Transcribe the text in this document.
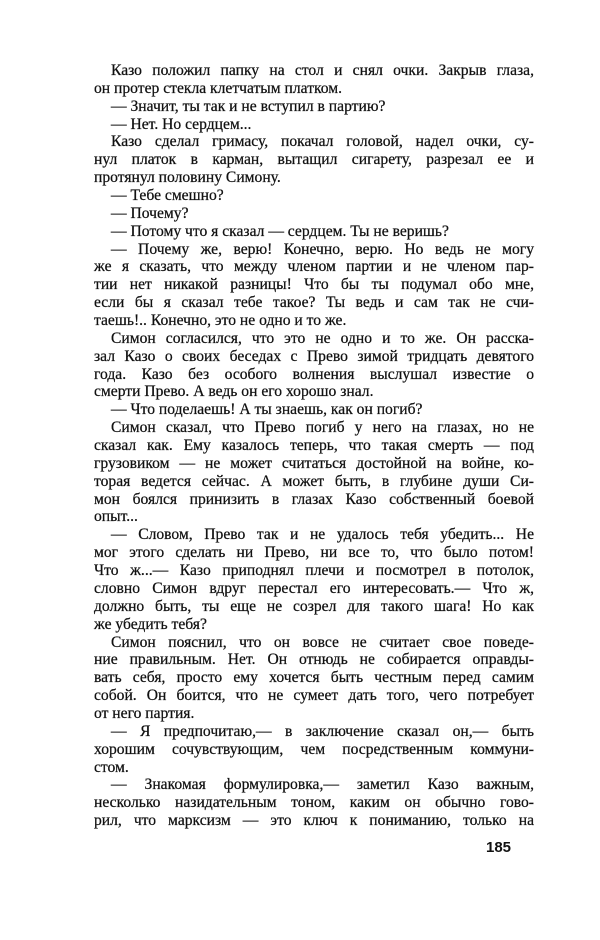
Казо положил папку на стол и снял очки. Закрыв глаза,
он протер стекла клетчатым платком.
— Значит, ты так и не вступил в партию?
— Нет. Но сердцем...
Казо сделал гримасу, покачал головой, надел очки, су-
нул платок в карман, вытащил сигарету, разрезал ее и
протянул половину Симону.
— Тебе смешно?
— Почему?
— Потому что я сказал — сердцем. Ты не веришь?
— Почему же, верю! Конечно, верю. Но ведь не могу
же я сказать, что между членом партии и не членом пар-
тии нет никакой разницы! Что бы ты подумал обо мне,
если бы я сказал тебе такое? Ты ведь и сам так не счи-
таешь!.. Конечно, это не одно и то же.
Симон согласился, что это не одно и то же. Он расска-
зал Казо о своих беседах с Прево зимой тридцать девятого
года. Казо без особого волнения выслушал известие о
смерти Прево. А ведь он его хорошо знал.
— Что поделаешь! А ты знаешь, как он погиб?
Симон сказал, что Прево погиб у него на глазах, но не
сказал как. Ему казалось теперь, что такая смерть — под
грузовиком — не может считаться достойной на войне, ко-
торая ведется сейчас. А может быть, в глубине души Си-
мон боялся принизить в глазах Казо собственный боевой
опыт...
— Словом, Прево так и не удалось тебя убедить... Не
мог этого сделать ни Прево, ни все то, что было потом!
Что ж...— Казо приподнял плечи и посмотрел в потолок,
словно Симон вдруг перестал его интересовать.— Что ж,
должно быть, ты еще не созрел для такого шага! Но как
же убедить тебя?
Симон пояснил, что он вовсе не считает свое поведе-
ние правильным. Нет. Он отнюдь не собирается оправды-
вать себя, просто ему хочется быть честным перед самим
собой. Он боится, что не сумеет дать того, чего потребует
от него партия.
— Я предпочитаю,— в заключение сказал он,— быть
хорошим сочувствующим, чем посредственным коммуни-
стом.
— Знакомая формулировка,— заметил Казо важным,
несколько назидательным тоном, каким он обычно гово-
рил, что марксизм — это ключ к пониманию, только на
185
